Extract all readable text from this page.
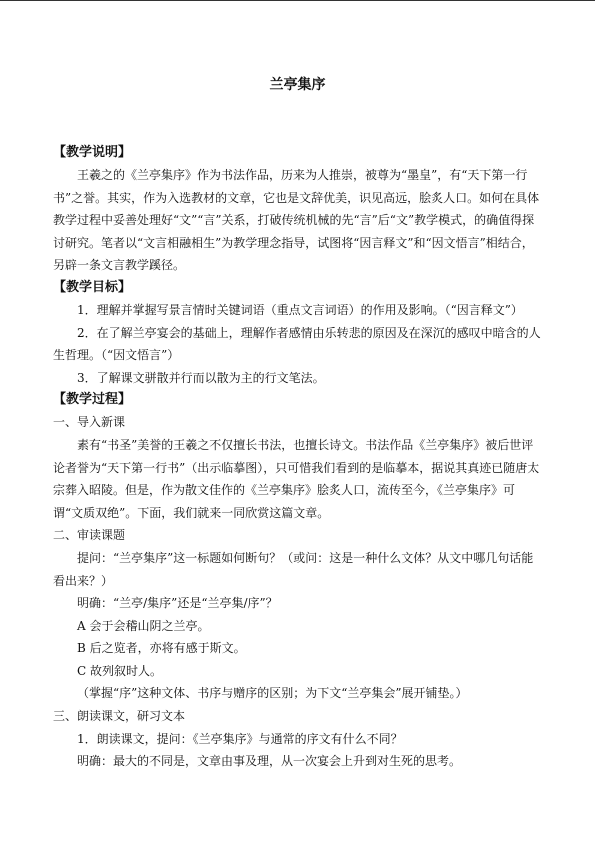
兰亭集序
【教学说明】

王羲之的《兰亭集序》作为书法作品，历来为人推崇，被尊为“墨皇”，有“天下第一行书”之誉。其实，作为入选教材的文章，它也是文辞优美，识见高远，脍炙人口。如何在具体教学过程中妥善处理好“文”“言”关系，打破传统机械的先“言”后“文”教学模式，的确值得探讨研究。笔者以“文言相融相生”为教学理念指导，试图将“因言释文”和“因文悟言”相结合，另辟一条文言教学蹊径。

【教学目标】

1．理解并掌握写景言情时关键词语（重点文言词语）的作用及影响。（“因言释文”）

2．在了解兰亭宴会的基础上，理解作者感情由乐转悲的原因及在深沉的感叹中暗含的人生哲理。（“因文悟言”）

3．了解课文骈散并行而以散为主的行文笔法。

【教学过程】

一、导入新课

素有“书圣”美誉的王羲之不仅擅长书法，也擅长诗文。书法作品《兰亭集序》被后世评论者誉为“天下第一行书”（出示临摹图），只可惜我们看到的是临摹本，据说其真迹已随唐太宗葬入昭陵。但是，作为散文佳作的《兰亭集序》脍炙人口，流传至今，《兰亭集序》可谓“文质双绝”。下面，我们就来一同欣赏这篇文章。

二、审读课题

提问：“兰亭集序”这一标题如何断句？（或问：这是一种什么文体？从文中哪几句话能看出来？）

明确：“兰亭/集序”还是“兰亭集/序”？

A 会于会稽山阴之兰亭。

B 后之览者，亦将有感于斯文。

C 故列叙时人。

（掌握“序”这种文体、书序与赠序的区别；为下文“兰亭集会”展开铺垫。）

三、朗读课文，研习文本

1．朗读课文，提问：《兰亭集序》与通常的序文有什么不同？

明确：最大的不同是，文章由事及理，从一次宴会上升到对生死的思考。
